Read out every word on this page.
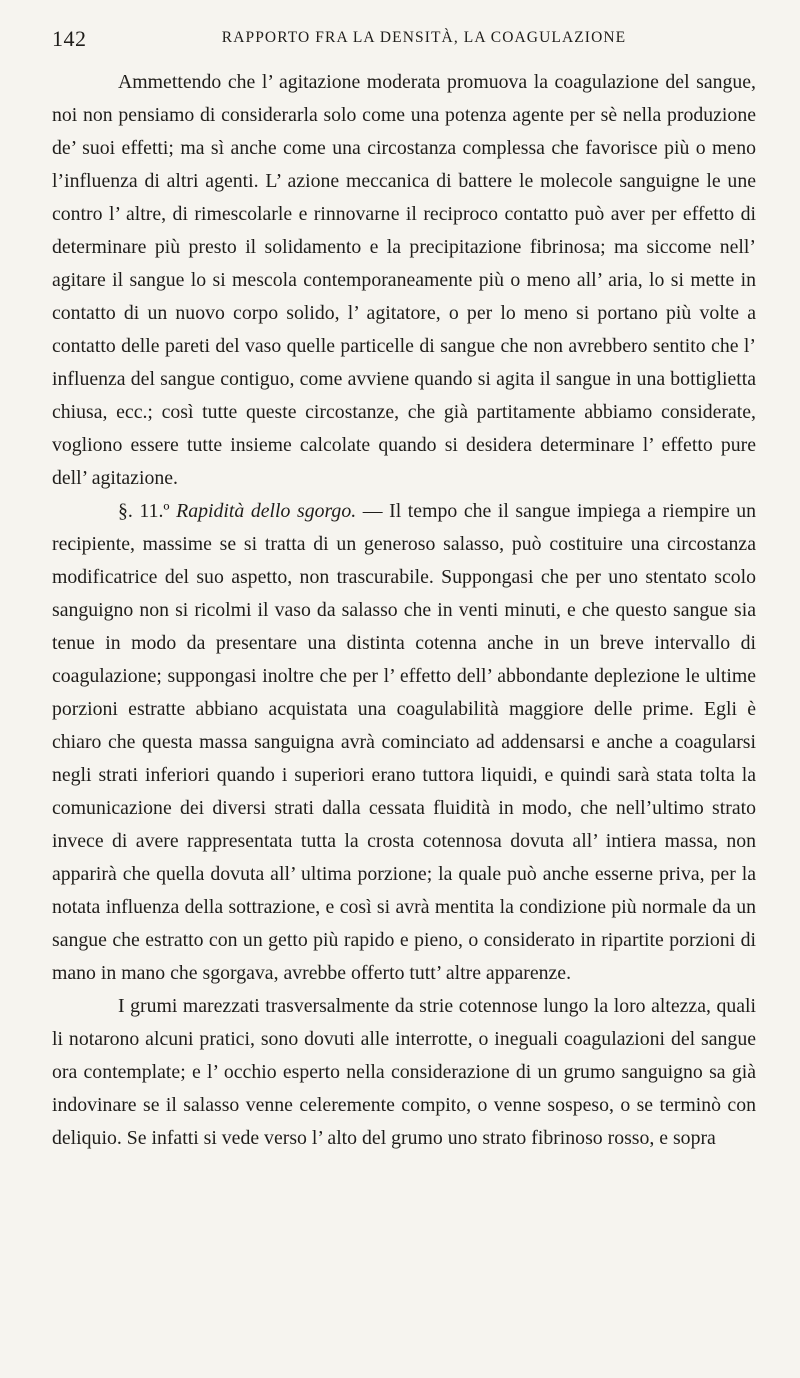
142	RAPPORTO FRA LA DENSITÀ, LA COAGULAZIONE

Ammettendo che l’ agitazione moderata promuova la coagulazione del sangue, noi non pensiamo di considerarla solo come una potenza agente per sè nella produzione de’ suoi effetti; ma sì anche come una circostanza complessa che favorisce più o meno l’influenza di altri agenti. L’ azione meccanica di battere le molecole sanguigne le une contro l’ altre, di rimescolarle e rinnovarne il reciproco contatto può aver per effetto di determinare più presto il solidamento e la precipitazione fibrinosa; ma siccome nell’ agitare il sangue lo si mescola contemporaneamente più o meno all’ aria, lo si mette in contatto di un nuovo corpo solido, l’ agitatore, o per lo meno si portano più volte a contatto delle pareti del vaso quelle particelle di sangue che non avrebbero sentito che l’ influenza del sangue contiguo, come avviene quando si agita il sangue in una bottiglietta chiusa, ecc.; così tutte queste circostanze, che già partitamente abbiamo considerate, vogliono essere tutte insieme calcolate quando si desidera determinare l’ effetto pure dell’ agitazione.

§. 11.º Rapidità dello sgorgo. — Il tempo che il sangue impiega a riempire un recipiente, massime se si tratta di un generoso salasso, può costituire una circostanza modificatrice del suo aspetto, non trascurabile. Suppongasi che per uno stentato scolo sanguigno non si ricolmi il vaso da salasso che in venti minuti, e che questo sangue sia tenue in modo da presentare una distinta cotenna anche in un breve intervallo di coagulazione; suppongasi inoltre che per l’ effetto dell’ abbondante deplezione le ultime porzioni estratte abbiano acquistata una coagulabilità maggiore delle prime. Egli è chiaro che questa massa sanguigna avrà cominciato ad addensarsi e anche a coagularsi negli strati inferiori quando i superiori erano tuttora liquidi, e quindi sarà stata tolta la comunicazione dei diversi strati dalla cessata fluidità in modo, che nell’ultimo strato invece di avere rappresentata tutta la crosta cotennosa dovuta all’ intiera massa, non apparirà che quella dovuta all’ ultima porzione; la quale può anche esserne priva, per la notata influenza della sottrazione, e così si avrà mentita la condizione più normale da un sangue che estratto con un getto più rapido e pieno, o considerato in ripartite porzioni di mano in mano che sgorgava, avrebbe offerto tutt’ altre apparenze.

I grumi marezzati trasversalmente da strie cotennose lungo la loro altezza, quali li notarono alcuni pratici, sono dovuti alle interrotte, o ineguali coagulazioni del sangue ora contemplate; e l’ occhio esperto nella considerazione di un grumo sanguigno sa già indovinare se il salasso venne celeremente compito, o venne sospeso, o se terminò con deliquio. Se infatti si vede verso l’ alto del grumo uno strato fibrinoso rosso, e sopra
